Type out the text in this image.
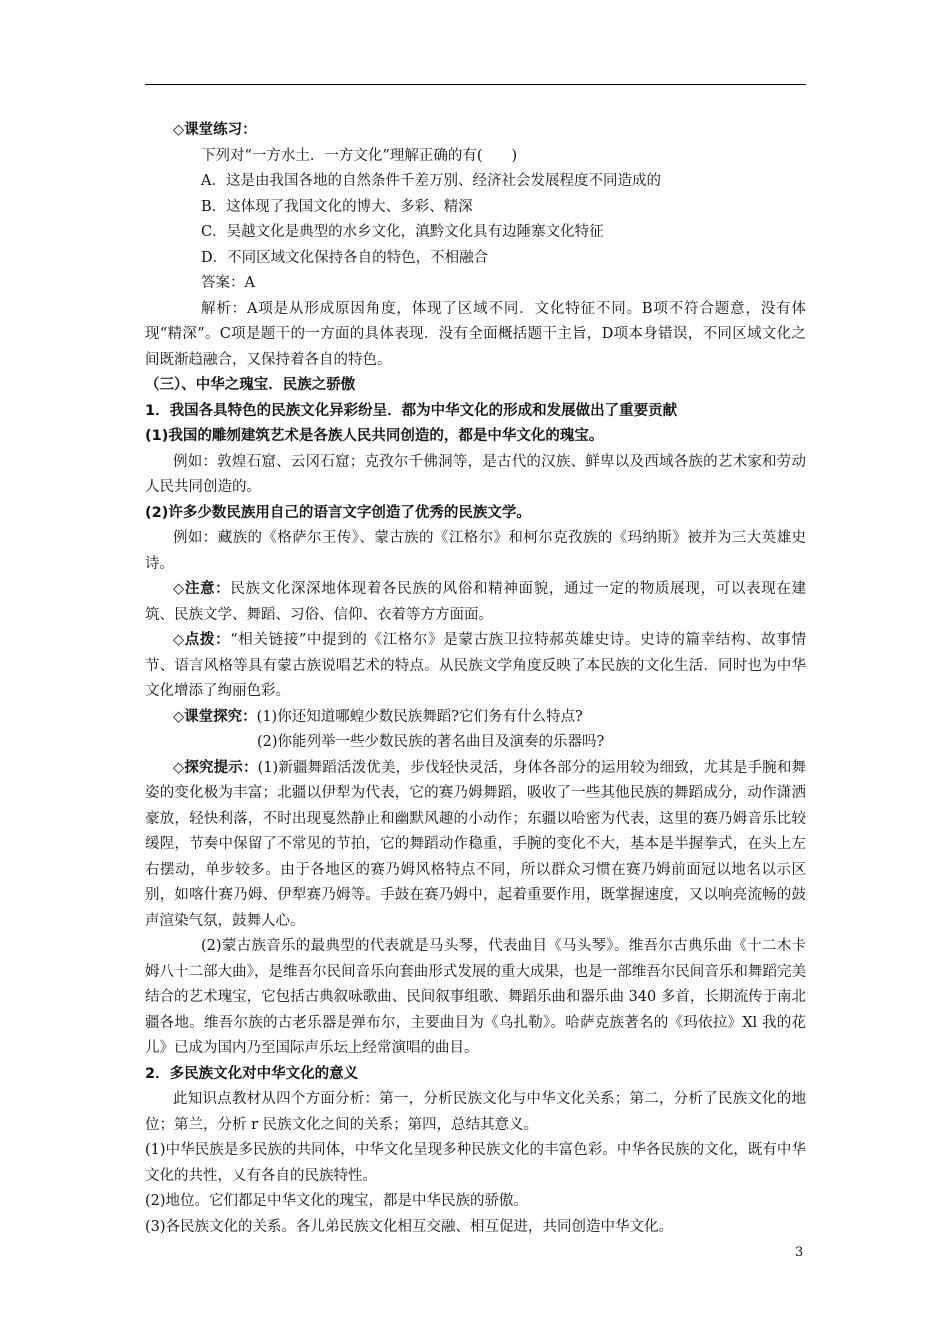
◇课堂练习：

下列对“一方水土．一方文化”理解正确的有(　　)

A．这是由我国各地的自然条件千差万别、经济社会发展程度不同造成的

B．这体现了我国文化的博大、多彩、精深

C．吴越文化是典型的水乡文化，滇黔文化具有边陲寨文化特征

D．不同区域文化保持各自的特色，不相融合

答案：A

解析：A项是从形成原因角度，体现了区域不同．文化特征不同。B项不符合题意，没有体现“精深”。C项是题干的一方面的具体表现．没有全面概括题干主旨，D项本身错误，不同区域文化之间既渐趋融合，又保持着各自的特色。

（三）、中华之瑰宝．民族之骄傲

1．我国各具特色的民族文化异彩纷呈．都为中华文化的形成和发展做出了重要贡献

(1)我国的雕刎建筑艺术是各族人民共同创造的，都是中华文化的瑰宝。

例如：敦煌石窟、云冈石窟；克孜尔千佛洞等，是古代的汉族、鲜卑以及西域各族的艺术家和劳动人民共同创造的。

(2)许多少数民族用自己的语言文字创造了优秀的民族文学。

例如：藏族的《格萨尔王传》、蒙古族的《江格尔》和柯尔克孜族的《玛纳斯》被并为三大英雄史诗。

◇注意：民族文化深深地体现着各民族的风俗和精神面貌，通过一定的物质展现，可以表现在建筑、民族文学、舞蹈、习俗、信仰、衣着等方方面面。

◇点拨：“相关链接”中提到的《江格尔》是蒙古族卫拉特郝英雄史诗。史诗的篇幸结构、故事情节、语言风格等具有蒙古族说唱艺术的特点。从民族文学角度反映了本民族的文化生活．同时也为中华文化增添了绚丽色彩。

◇课堂探究：(1)你还知道哪蝗少数民族舞蹈?它们务有什么特点?

(2)你能列举一些少数民族的著名曲目及演奏的乐器吗?

◇探究提示：(1)新疆舞蹈活泼优美，步伐轻快灵活，身体各部分的运用较为细致，尤其是手腕和舞姿的变化极为丰富；北疆以伊犁为代表，它的赛乃姆舞蹈，吸收了一些其他民族的舞蹈成分，动作潇洒豪放，轻快利落，不时出现戛然静止和幽默风趣的小动作；东疆以哈密为代表，这里的赛乃姆音乐比较缓陧，节奏中保留了不常见的节拍，它的舞蹈动作稳重，手腕的变化不大，基本是半握拳式，在头上左右摆动，单步较多。由于各地区的赛乃姆风格特点不同，所以群众习惯在赛乃姆前面冠以地名以示区别，如喀什赛乃姆、伊犁赛乃姆等。手鼓在赛乃姆中，起着重要作用，既掌握速度，又以响亮流畅的鼓声渲染气氛，鼓舞人心。

(2)蒙古族音乐的最典型的代表就是马头琴，代表曲目《马头琴》。维吾尔古典乐曲《十二木卡姆八十二部大曲》，是维吾尔民间音乐向套曲形式发展的重大成果，也是一部维吾尔民间音乐和舞蹈完美结合的艺术瑰宝，它包括古典叙咏歌曲、民间叙事组歌、舞蹈乐曲和器乐曲 340 多首，长期流传于南北疆各地。维吾尔族的古老乐器是弹布尔，主要曲目为《乌扎勒》。哈萨克族著名的《玛依拉》Xl 我的花儿》已成为国内乃至国际声乐坛上经常演唱的曲目。

2．多民族文化对中华文化的意义

此知识点教材从四个方面分析：第一，分析民族文化与中华文化关系；第二，分析了民族文化的地位；第兰，分析 r 民族文化之间的关系；第四，总结其意义。

(1)中华民族是多民族的共同体，中华文化呈现多种民族文化的丰富色彩。中华各民族的文化，既有中华文化的共性，乂有各自的民族特性。

(2)地位。它们都足中华文化的瑰宝，都是中华民族的骄傲。

(3)各民族文化的关系。各儿弟民族文化相互交融、相互促进，共同创造中华文化。

3
